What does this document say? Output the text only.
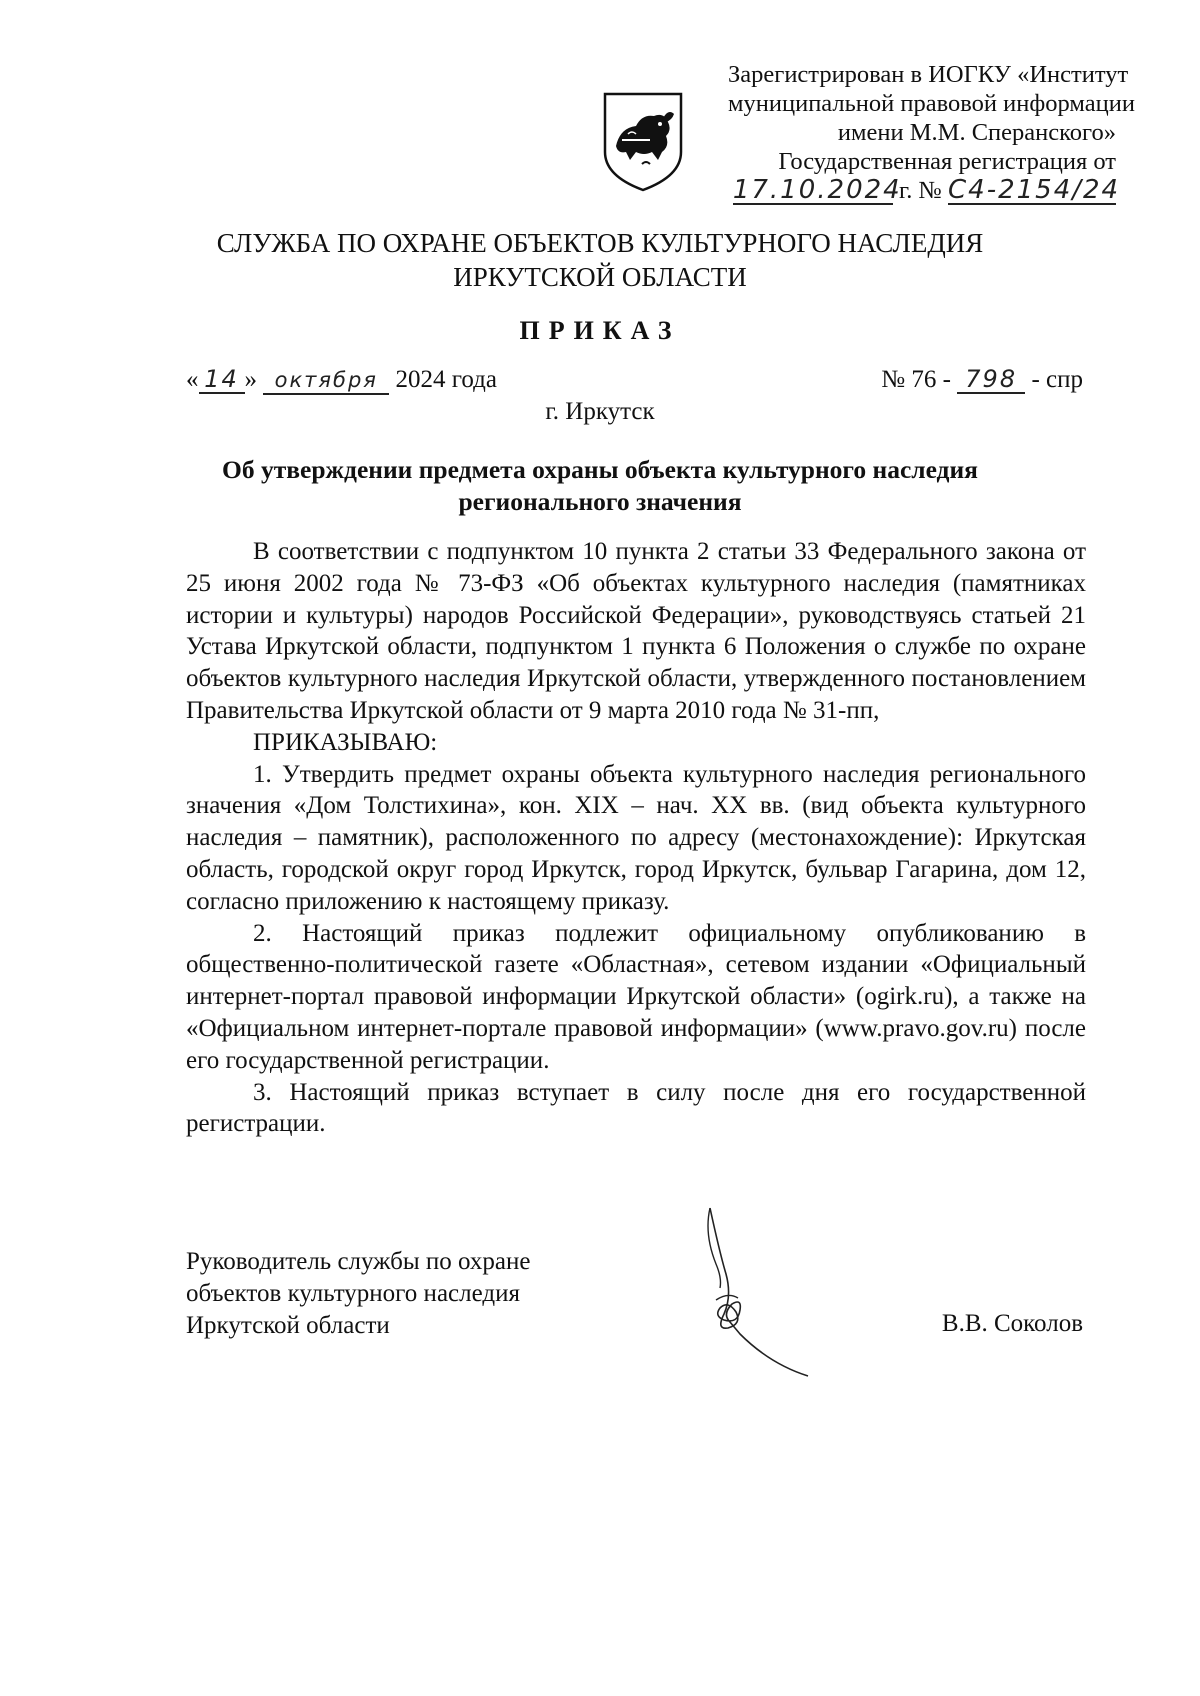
Зарегистрирован в ИОГКУ «Институт
муниципальной правовой информации
имени М.М. Сперанского»
Государственная регистрация от
17.10.2024 г. № С4-2154/24
СЛУЖБА ПО ОХРАНЕ ОБЪЕКТОВ КУЛЬТУРНОГО НАСЛЕДИЯ
ИРКУТСКОЙ ОБЛАСТИ
ПРИКАЗ
« 14 » октября 2024 года	№ 76 - 798 - спр
г. Иркутск
Об утверждении предмета охраны объекта культурного наследия
регионального значения

В соответствии с подпунктом 10 пункта 2 статьи 33 Федерального закона от 25 июня 2002 года № 73-ФЗ «Об объектах культурного наследия (памятниках истории и культуры) народов Российской Федерации», руководствуясь статьей 21 Устава Иркутской области, подпунктом 1 пункта 6 Положения о службе по охране объектов культурного наследия Иркутской области, утвержденного постановлением Правительства Иркутской области от 9 марта 2010 года № 31-пп,

ПРИКАЗЫВАЮ:

1. Утвердить предмет охраны объекта культурного наследия регионального значения «Дом Толстихина», кон. XIX – нач. XX вв. (вид объекта культурного наследия – памятник), расположенного по адресу (местонахождение): Иркутская область, городской округ город Иркутск, город Иркутск, бульвар Гагарина, дом 12, согласно приложению к настоящему приказу.

2. Настоящий приказ подлежит официальному опубликованию в общественно-политической газете «Областная», сетевом издании «Официальный интернет-портал правовой информации Иркутской области» (ogirk.ru), а также на «Официальном интернет-портале правовой информации» (www.pravo.gov.ru) после его государственной регистрации.

3. Настоящий приказ вступает в силу после дня его государственной регистрации.

Руководитель службы по охране
объектов культурного наследия
Иркутской области	В.В. Соколов
